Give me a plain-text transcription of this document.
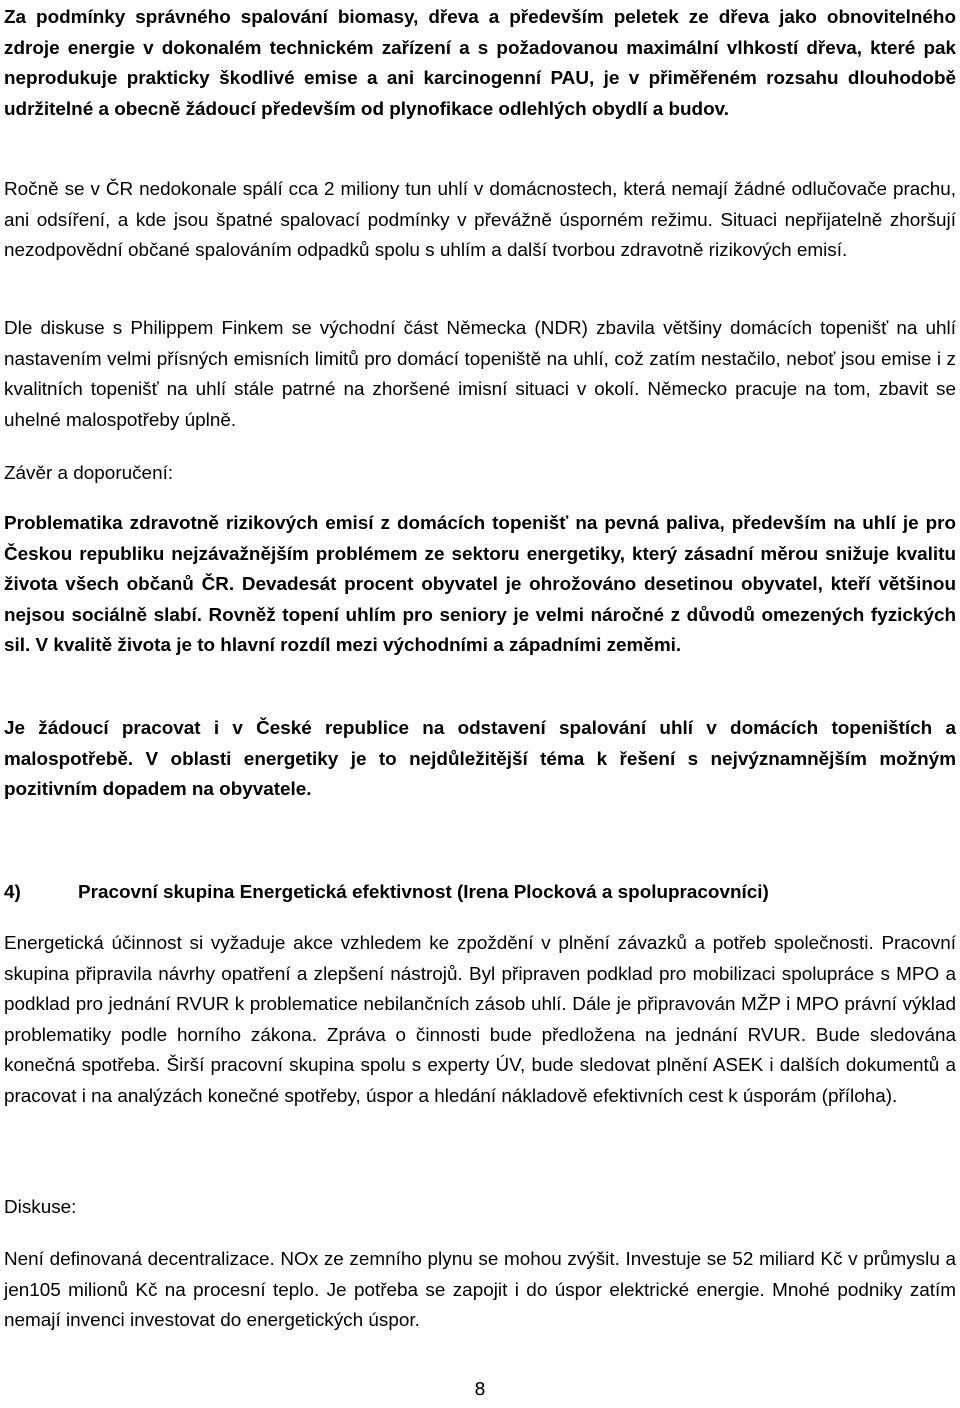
Za podmínky správného spalování biomasy, dřeva a především peletek ze dřeva jako obnovitelného zdroje energie v dokonalém technickém zařízení a s požadovanou maximální vlhkostí dřeva, které pak neprodukuje prakticky škodlivé emise a ani karcinogenní PAU, je v přiměřeném rozsahu dlouhodobě udržitelné a obecně žádoucí především od plynofikace odlehlých obydlí a budov.

Ročně se v ČR nedokonale spálí cca 2 miliony tun uhlí v domácnostech, která nemají žádné odlučovače prachu, ani odsíření, a kde jsou špatné spalovací podmínky v převážně úsporném režimu. Situaci nepřijatelně zhoršují nezodpovědní občané spalováním odpadků spolu s uhlím a další tvorbou zdravotně rizikových emisí.

Dle diskuse s Philippem Finkem se východní část Německa (NDR) zbavila většiny domácích topenišť na uhlí nastavením velmi přísných emisních limitů pro domácí topeniště na uhlí, což zatím nestačilo, neboť jsou emise i z kvalitních topenišť na uhlí stále patrné na zhoršené imisní situaci v okolí. Německo pracuje na tom, zbavit se uhelné malospotřeby úplně.

Závěr a doporučení:

Problematika zdravotně rizikových emisí z domácích topenišť na pevná paliva, především na uhlí je pro Českou republiku nejzávažnějším problémem ze sektoru energetiky, který zásadní měrou snižuje kvalitu života všech občanů ČR. Devadesát procent obyvatel je ohrožováno desetinou obyvatel, kteří většinou nejsou sociálně slabí. Rovněž topení uhlím pro seniory je velmi náročné z důvodů omezených fyzických sil. V kvalitě života je to hlavní rozdíl mezi východními a západními zeměmi.

Je žádoucí pracovat i v České republice na odstavení spalování uhlí v domácích topeništích a malospotřebě. V oblasti energetiky je to nejdůležitější téma k řešení s nejvýznamnějším možným pozitivním dopadem na obyvatele.

4)	Pracovní skupina Energetická efektivnost (Irena Plocková a spolupracovníci)

Energetická účinnost si vyžaduje akce vzhledem ke zpoždění v plnění závazků a potřeb společnosti. Pracovní skupina připravila návrhy opatření a zlepšení nástrojů. Byl připraven podklad pro mobilizaci spolupráce s MPO a podklad pro jednání RVUR k problematice nebilančních zásob uhlí. Dále je připravován MŽP i MPO právní výklad problematiky podle horního zákona. Zpráva o činnosti bude předložena na jednání RVUR. Bude sledována konečná spotřeba. Širší pracovní skupina spolu s experty ÚV, bude sledovat plnění ASEK i dalších dokumentů a pracovat i na analýzách konečné spotřeby, úspor a hledání nákladově efektivních cest k úsporám (příloha).

Diskuse:

Není definovaná decentralizace. NOx ze zemního plynu se mohou zvýšit. Investuje se 52 miliard Kč v průmyslu a jen105 milionů Kč na procesní teplo. Je potřeba se zapojit i do úspor elektrické energie. Mnohé podniky zatím nemají invenci investovat do energetických úspor.

8
